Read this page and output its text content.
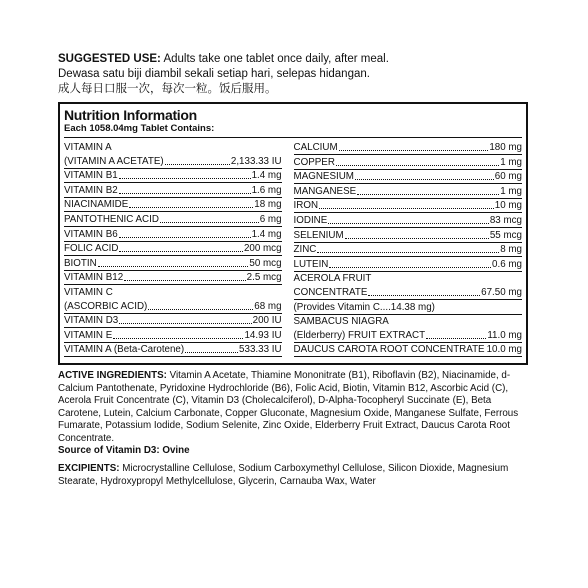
SUGGESTED USE: Adults take one tablet once daily, after meal.
Dewasa satu biji diambil sekali setiap hari, selepas hidangan.
成人每日口服一次，每次一粒。饭后服用。
Nutrition Information
Each 1058.04mg Tablet Contains:
VITAMIN A
(VITAMIN A ACETATE)	2,133.33 IU
VITAMIN B1	1.4 mg
VITAMIN B2	1.6 mg
NIACINAMIDE	18 mg
PANTOTHENIC ACID	6 mg
VITAMIN B6	1.4 mg
FOLIC ACID	200 mcg
BIOTIN	50 mcg
VITAMIN B12	2.5 mcg
VITAMIN C
(ASCORBIC ACID)	68 mg
VITAMIN D3	200 IU
VITAMIN E	14.93 IU
VITAMIN A (Beta-Carotene)	533.33 IU
CALCIUM	180 mg
COPPER	1 mg
MAGNESIUM	60 mg
MANGANESE	1 mg
IRON	10 mg
IODINE	83 mcg
SELENIUM	55 mcg
ZINC	8 mg
LUTEIN	0.6 mg
ACEROLA FRUIT
CONCENTRATE	67.50 mg
(Provides Vitamin C....14.38 mg)
SAMBACUS NIAGRA
(Elderberry) FRUIT EXTRACT	11.0 mg
DAUCUS CAROTA ROOT CONCENTRATE 10.0 mg
ACTIVE INGREDIENTS: Vitamin A Acetate, Thiamine Mononitrate (B1), Riboflavin (B2), Niacinamide, d-Calcium Pantothenate, Pyridoxine Hydrochloride (B6), Folic Acid, Biotin, Vitamin B12, Ascorbic Acid (C), Acerola Fruit Concentrate (C), Vitamin D3 (Cholecalciferol), D-Alpha-Tocopheryl Succinate (E), Beta Carotene, Lutein, Calcium Carbonate, Copper Gluconate, Magnesium Oxide, Manganese Sulfate, Ferrous Fumarate, Potassium Iodide, Sodium Selenite, Zinc Oxide, Elderberry Fruit Extract, Daucus Carota Root Concentrate.
Source of Vitamin D3: Ovine
EXCIPIENTS: Microcrystalline Cellulose, Sodium Carboxymethyl Cellulose, Silicon Dioxide, Magnesium Stearate, Hydroxypropyl Methylcellulose, Glycerin, Carnauba Wax, Water
